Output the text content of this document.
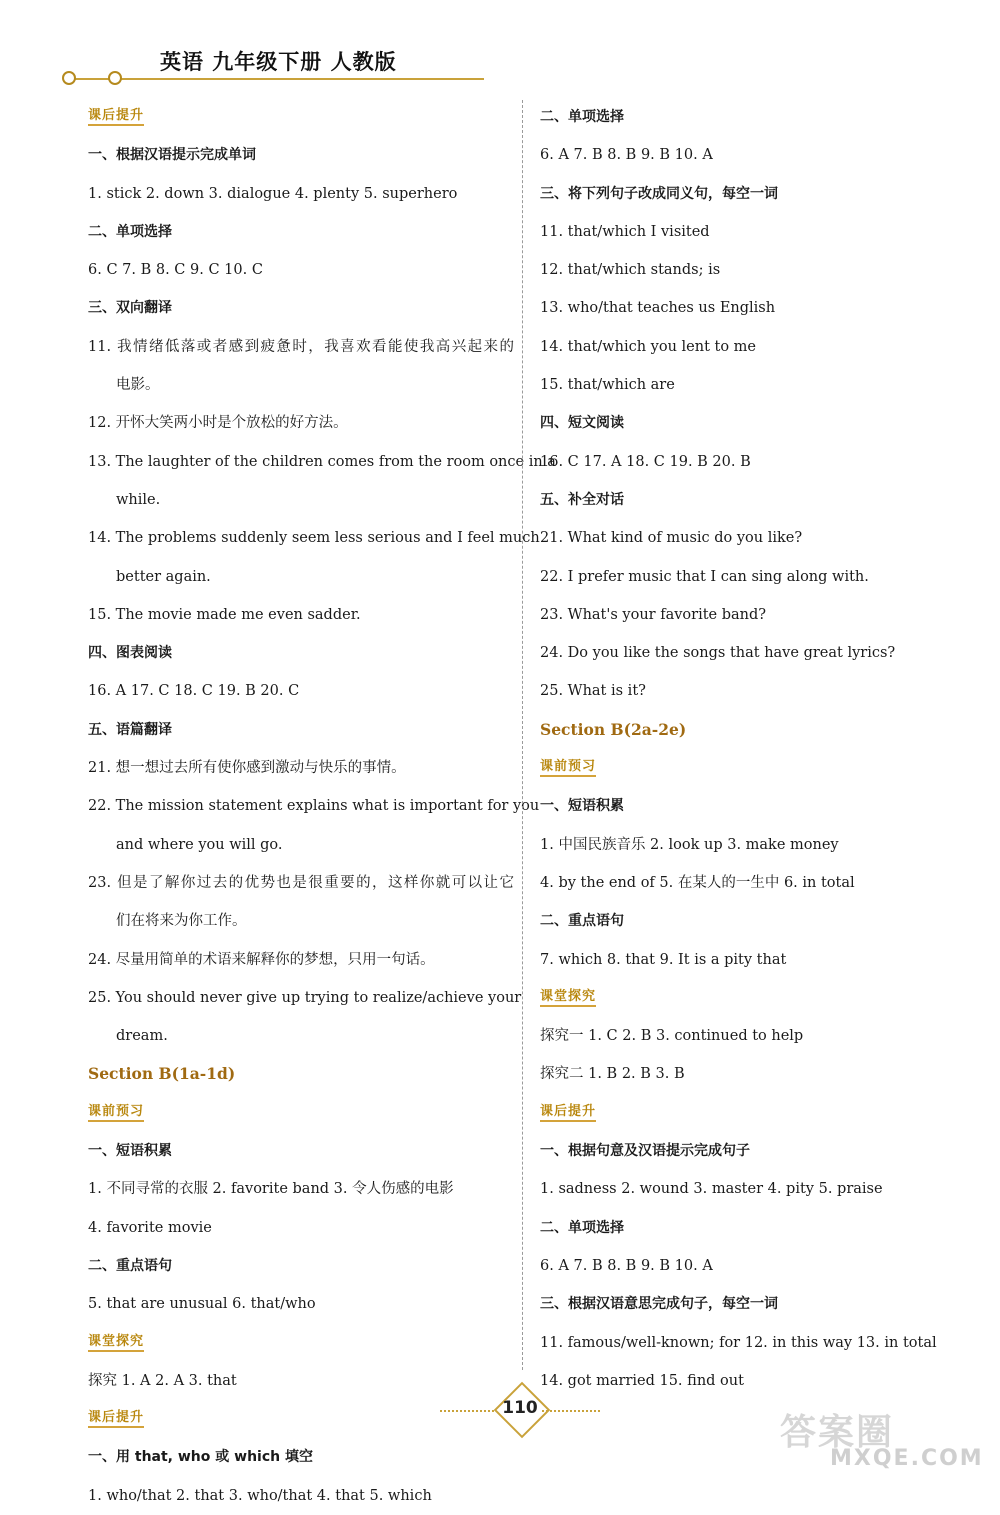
英语 九年级下册 人教版
课后提升
一、根据汉语提示完成单词
1. stick 2. down 3. dialogue 4. plenty 5. superhero
二、单项选择
6. C 7. B 8. C 9. C 10. C
三、双向翻译
11. 我情绪低落或者感到疲惫时，我喜欢看能使我高兴起来的
电影。
12. 开怀大笑两小时是个放松的好方法。
13. The laughter of the children comes from the room once in a
while.
14. The problems suddenly seem less serious and I feel much
better again.
15. The movie made me even sadder.
四、图表阅读
16. A 17. C 18. C 19. B 20. C
五、语篇翻译
21. 想一想过去所有使你感到激动与快乐的事情。
22. The mission statement explains what is important for you
and where you will go.
23. 但是了解你过去的优势也是很重要的，这样你就可以让它
们在将来为你工作。
24. 尽量用简单的术语来解释你的梦想，只用一句话。
25. You should never give up trying to realize/achieve your
dream.
Section B(1a-1d)
课前预习
一、短语积累
1. 不同寻常的衣服 2. favorite band 3. 令人伤感的电影
4. favorite movie
二、重点语句
5. that are unusual 6. that/who
课堂探究
探究 1. A 2. A 3. that
课后提升
一、用 that, who 或 which 填空
1. who/that 2. that 3. who/that 4. that 5. which
二、单项选择
6. A 7. B 8. B 9. B 10. A
三、将下列句子改成同义句，每空一词
11. that/which I visited
12. that/which stands; is
13. who/that teaches us English
14. that/which you lent to me
15. that/which are
四、短文阅读
16. C 17. A 18. C 19. B 20. B
五、补全对话
21. What kind of music do you like?
22. I prefer music that I can sing along with.
23. What's your favorite band?
24. Do you like the songs that have great lyrics?
25. What is it?
Section B(2a-2e)
课前预习
一、短语积累
1. 中国民族音乐 2. look up 3. make money
4. by the end of 5. 在某人的一生中 6. in total
二、重点语句
7. which 8. that 9. It is a pity that
课堂探究
探究一 1. C 2. B 3. continued to help
探究二 1. B 2. B 3. B
课后提升
一、根据句意及汉语提示完成句子
1. sadness 2. wound 3. master 4. pity 5. praise
二、单项选择
6. A 7. B 8. B 9. B 10. A
三、根据汉语意思完成句子，每空一词
11. famous/well-known; for 12. in this way 13. in total
14. got married 15. find out
110
答案圈
MXQE.COM
